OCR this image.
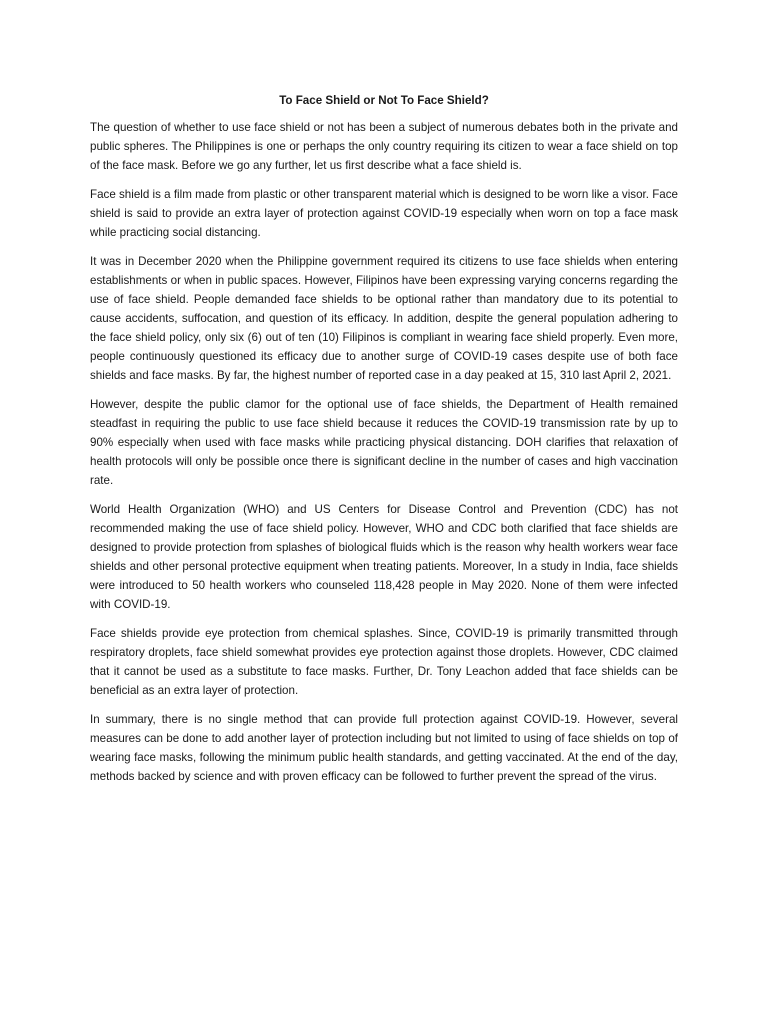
To Face Shield or Not To Face Shield?

The question of whether to use face shield or not has been a subject of numerous debates both in the private and public spheres. The Philippines is one or perhaps the only country requiring its citizen to wear a face shield on top of the face mask. Before we go any further, let us first describe what a face shield is.

Face shield is a film made from plastic or other transparent material which is designed to be worn like a visor. Face shield is said to provide an extra layer of protection against COVID-19 especially when worn on top a face mask while practicing social distancing.

It was in December 2020 when the Philippine government required its citizens to use face shields when entering establishments or when in public spaces. However, Filipinos have been expressing varying concerns regarding the use of face shield. People demanded face shields to be optional rather than mandatory due to its potential to cause accidents, suffocation, and question of its efficacy. In addition, despite the general population adhering to the face shield policy, only six (6) out of ten (10) Filipinos is compliant in wearing face shield properly. Even more, people continuously questioned its efficacy due to another surge of COVID-19 cases despite use of both face shields and face masks. By far, the highest number of reported case in a day peaked at 15, 310 last April 2, 2021.

However, despite the public clamor for the optional use of face shields, the Department of Health remained steadfast in requiring the public to use face shield because it reduces the COVID-19 transmission rate by up to 90% especially when used with face masks while practicing physical distancing. DOH clarifies that relaxation of health protocols will only be possible once there is significant decline in the number of cases and high vaccination rate.

World Health Organization (WHO) and US Centers for Disease Control and Prevention (CDC) has not recommended making the use of face shield policy. However, WHO and CDC both clarified that face shields are designed to provide protection from splashes of biological fluids which is the reason why health workers wear face shields and other personal protective equipment when treating patients. Moreover, In a study in India, face shields were introduced to 50 health workers who counseled 118,428 people in May 2020. None of them were infected with COVID-19.

Face shields provide eye protection from chemical splashes. Since, COVID-19 is primarily transmitted through respiratory droplets, face shield somewhat provides eye protection against those droplets. However, CDC claimed that it cannot be used as a substitute to face masks. Further, Dr. Tony Leachon added that face shields can be beneficial as an extra layer of protection.

In summary, there is no single method that can provide full protection against COVID-19. However, several measures can be done to add another layer of protection including but not limited to using of face shields on top of wearing face masks, following the minimum public health standards, and getting vaccinated. At the end of the day, methods backed by science and with proven efficacy can be followed to further prevent the spread of the virus.
